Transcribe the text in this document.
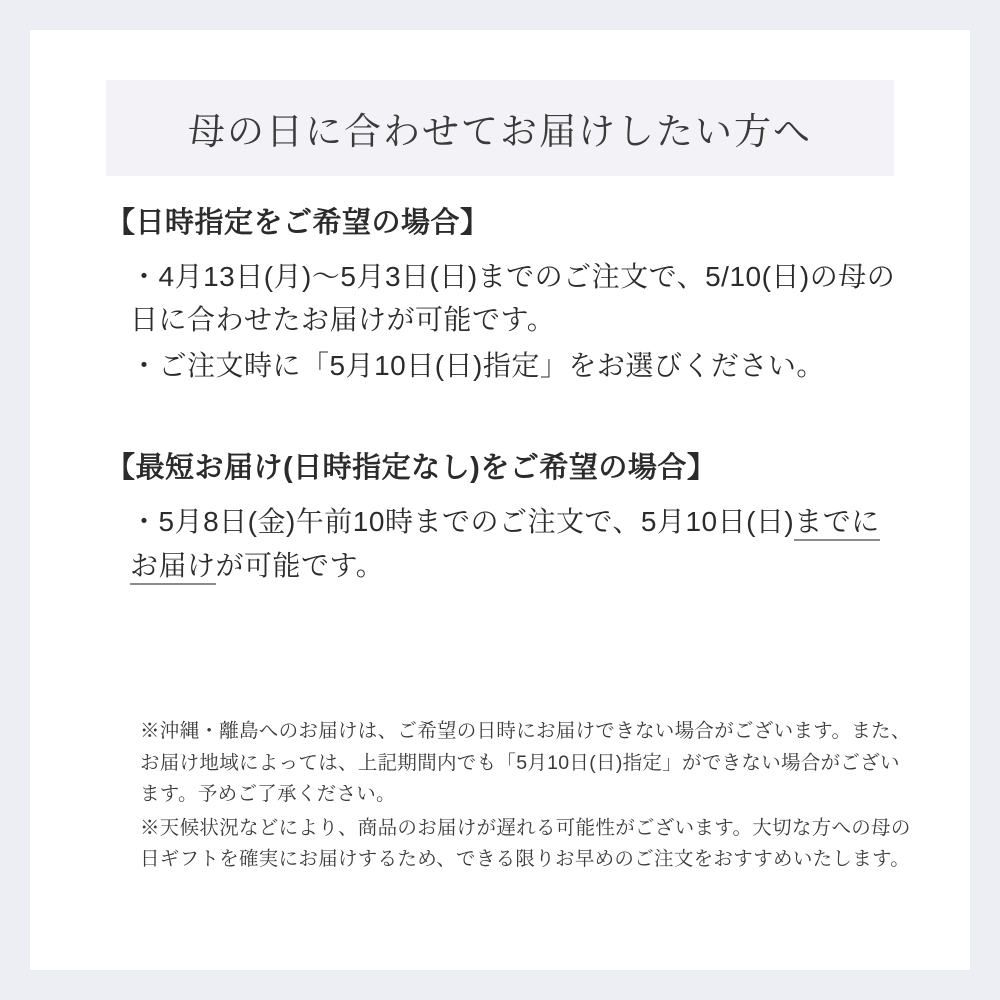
母の日に合わせてお届けしたい方へ

【日時指定をご希望の場合】

・4月13日(月)〜5月3日(日)までのご注文で、5/10(日)の母の日に合わせたお届けが可能です。

・ご注文時に「5月10日(日)指定」をお選びください。

【最短お届け(日時指定なし)をご希望の場合】

・5月8日(金)午前10時までのご注文で、5月10日(日)までにお届けが可能です。

※沖縄・離島へのお届けは、ご希望の日時にお届けできない場合がございます。また、お届け地域によっては、上記期間内でも「5月10日(日)指定」ができない場合がございます。予めご了承ください。

※天候状況などにより、商品のお届けが遅れる可能性がございます。大切な方への母の日ギフトを確実にお届けするため、できる限りお早めのご注文をおすすめいたします。
